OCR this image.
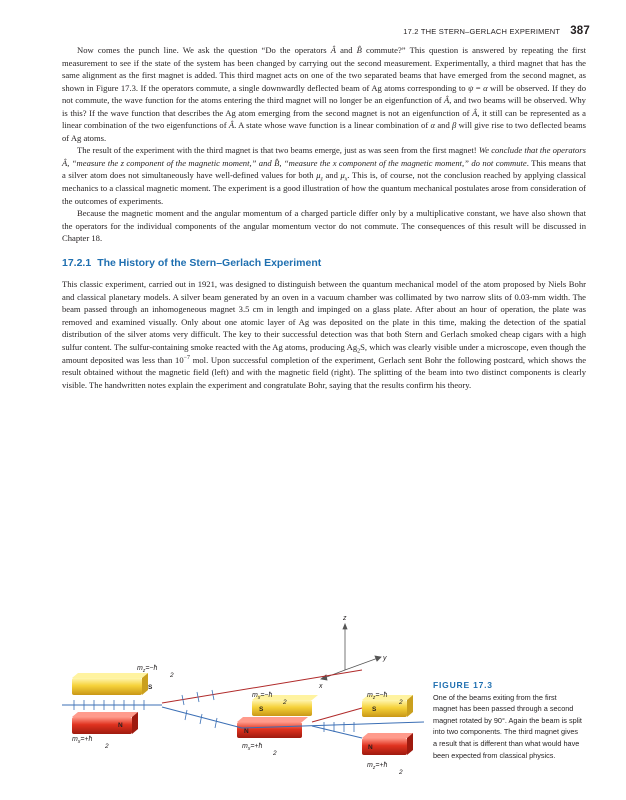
17.2 THE STERN–GERLACH EXPERIMENT 387

Now comes the punch line. We ask the question “Do the operators Â and B̂ commute?” This question is answered by repeating the first measurement to see if the state of the system has been changed by carrying out the second measurement. Experimentally, a third magnet that has the same alignment as the first magnet is added. This third magnet acts on one of the two separated beams that have emerged from the second magnet, as shown in Figure 17.3. If the operators commute, a single downwardly deflected beam of Ag atoms corresponding to ψ = α will be observed. If they do not commute, the wave function for the atoms entering the third magnet will no longer be an eigenfunction of Â, and two beams will be observed. Why is this? If the wave function that describes the Ag atom emerging from the second magnet is not an eigenfunction of Â, it still can be represented as a linear combination of the two eigenfunctions of Â. A state whose wave function is a linear combination of α and β will give rise to two deflected beams of Ag atoms.

The result of the experiment with the third magnet is that two beams emerge, just as was seen from the first magnet! We conclude that the operators Â, “measure the z component of the magnetic moment,” and B̂, “measure the x component of the magnetic moment,” do not commute. This means that a silver atom does not simultaneously have well-defined values for both $\mu_z$ and $\mu_x$. This is, of course, not the conclusion reached by applying classical mechanics to a classical magnetic moment. The experiment is a good illustration of how the quantum mechanical postulates arose from consideration of the outcomes of experiments.

Because the magnetic moment and the angular momentum of a charged particle differ only by a multiplicative constant, we have also shown that the operators for the individual components of the angular momentum vector do not commute. The consequences of this result will be discussed in Chapter 18.

17.2.1 The History of the Stern–Gerlach Experiment

This classic experiment, carried out in 1921, was designed to distinguish between the quantum mechanical model of the atom proposed by Niels Bohr and classical planetary models. A silver beam generated by an oven in a vacuum chamber was collimated by two narrow slits of 0.03-mm width. The beam passed through an inhomogeneous magnet 3.5 cm in length and impinged on a glass plate. After about an hour of operation, the plate was removed and examined visually. Only about one atomic layer of Ag was deposited on the plate in this time, making the detection of the spatial distribution of the silver atoms very difficult. The key to their successful detection was that both Stern and Gerlach smoked cheap cigars with a high sulfur content. The sulfur-containing smoke reacted with the Ag atoms, producing $Ag_2S$, which was clearly visible under a microscope, even though the amount deposited was less than $10^{-7}$ mol. Upon successful completion of the experiment, Gerlach sent Bohr the following postcard, which shows the result obtained without the magnetic field (left) and with the magnetic field (right). The splitting of the beam into two distinct components is clearly visible. The handwritten notes explain the experiment and congratulate Bohr, saying that the results confirm his theory.

z
y
x
S
N
S
N
S
N
$m_z=-ħ$
2
$m_x=+ħ$
2
$m_x=-ħ$
2
$m_x=+ħ$
2
$m_z=-ħ$
2
$m_z=+ħ$
2
FIGURE 17.3
One of the beams exiting from the first magnet has been passed through a second magnet rotated by 90°. Again the beam is split into two components. The third magnet gives a result that is different than what would have been expected from classical physics.
